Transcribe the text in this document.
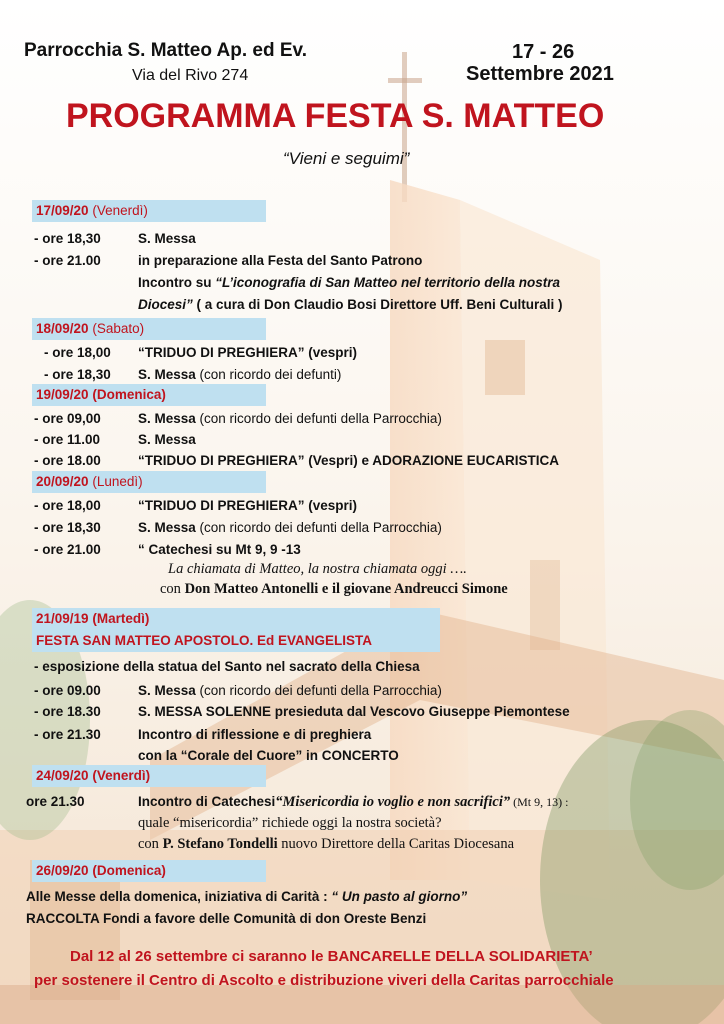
Parrocchia S. Matteo Ap. ed Ev.
Via del Rivo 274
17 - 26
Settembre 2021
PROGRAMMA FESTA S. MATTEO
“Vieni e seguimi”
17/09/20 (Venerdì)
- ore 18,30	S. Messa
- ore 21.00	in preparazione alla Festa del Santo Patrono
Incontro su “L’iconografia di San Matteo nel territorio della nostra
Diocesi” ( a cura di Don Claudio Bosi Direttore Uff. Beni Culturali )
18/09/20 (Sabato)
- ore 18,00 “TRIDUO DI PREGHIERA” (vespri)
- ore 18,30 S. Messa (con ricordo dei defunti)
19/09/20 (Domenica)
- ore 09,00	S. Messa (con ricordo dei defunti della Parrocchia)
- ore 11.00	S. Messa
- ore 18.00	“TRIDUO DI PREGHIERA” (Vespri) e ADORAZIONE EUCARISTICA
20/09/20 (Lunedì)
- ore 18,00	“TRIDUO DI PREGHIERA” (vespri)
- ore 18,30	S. Messa (con ricordo dei defunti della Parrocchia)
- ore 21.00	“ Catechesi su Mt 9, 9 -13
La chiamata di Matteo, la nostra chiamata oggi ….
con Don Matteo Antonelli e il giovane Andreucci Simone
21/09/19 (Martedì)
FESTA SAN MATTEO APOSTOLO. Ed EVANGELISTA
- esposizione della statua del Santo nel sacrato della Chiesa
- ore 09.00	S. Messa (con ricordo dei defunti della Parrocchia)
- ore 18.30	S. MESSA SOLENNE presieduta dal Vescovo Giuseppe Piemontese
- ore 21.30	Incontro di riflessione e di preghiera
con la “Corale del Cuore” in CONCERTO
24/09/20 (Venerdì)
ore 21.30	Incontro di Catechesi“Misericordia io voglio e non sacrifici” (Mt 9, 13) :
quale “misericordia” richiede oggi la nostra società?
con P. Stefano Tondelli nuovo Direttore della Caritas Diocesana
26/09/20 (Domenica)
Alle Messe della domenica, iniziativa di Carità : “ Un pasto al giorno”
RACCOLTA Fondi a favore delle Comunità di don Oreste Benzi
Dal 12 al 26 settembre ci saranno le BANCARELLE DELLA SOLIDARIETA’
per sostenere il Centro di Ascolto e distribuzione viveri della Caritas parrocchiale
